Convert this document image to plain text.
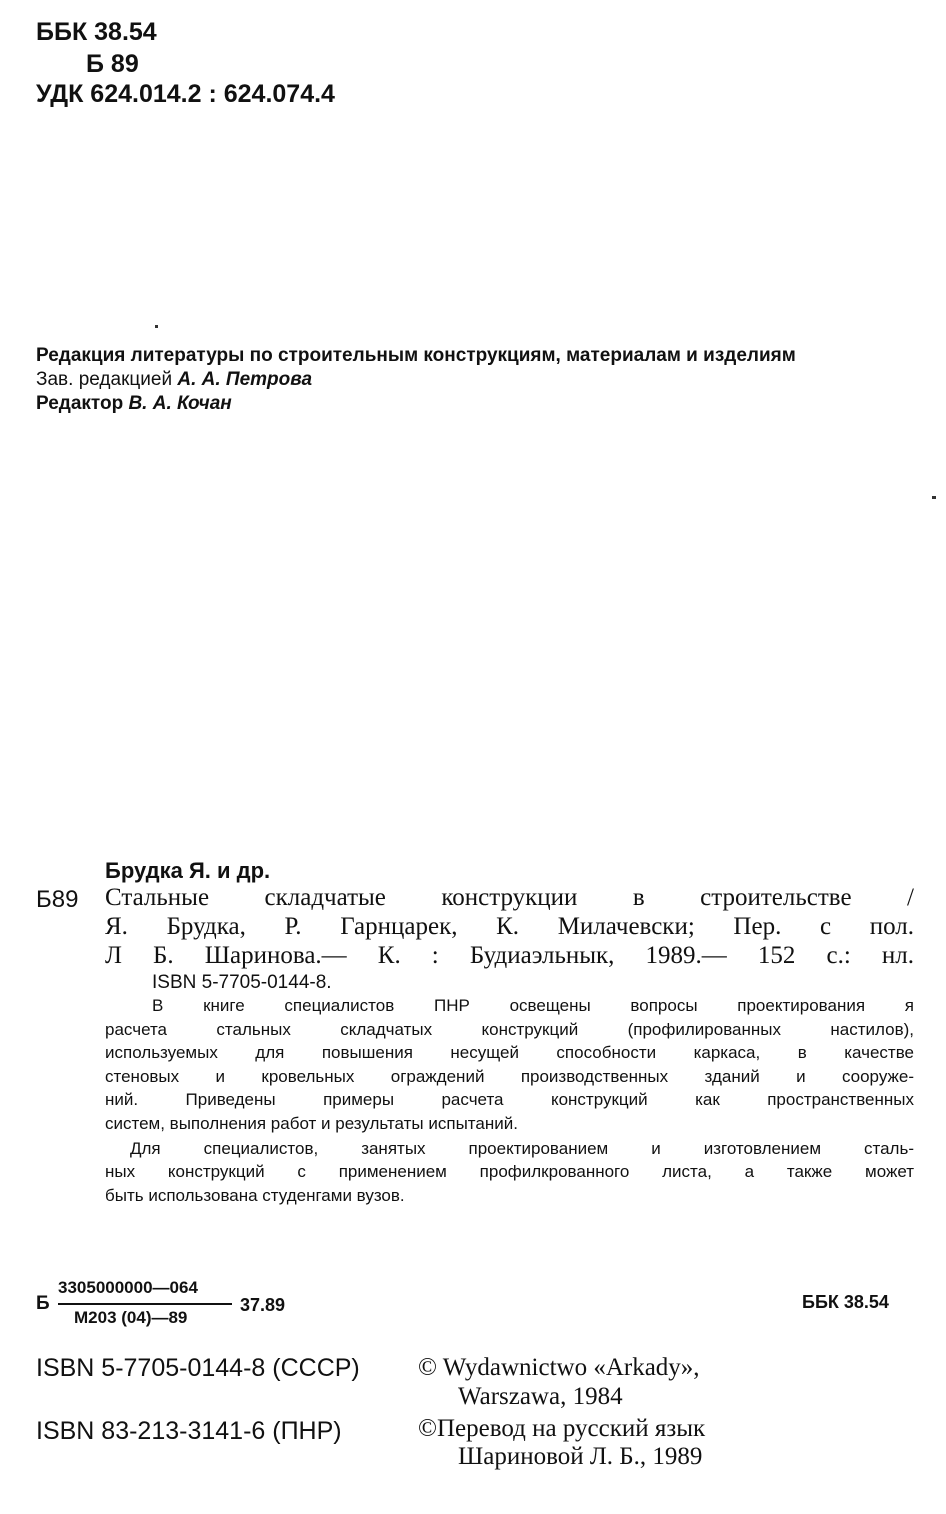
ББК 38.54
Б 89
УДК 624.014.2 : 624.074.4
Редакция литературы по строительным конструкциям, материалам и изделиям
Зав. редакцией А. А. Петрова
Редактор В. А. Кочан
Брудка Я. и др.
Б89 Стальные складчатые конструкции в строительстве /
Я. Брудка, Р. Гарнцарек, К. Милачевски; Пер. с пол.
Л Б. Шаринова.— К. : Будиаэльнык, 1989.— 152 с.: нл.
ISBN 5-7705-0144-8.
В книге специалистов ПНР освещены вопросы проектирования я
расчета стальных складчатых конструкций (профилированных настилов),
используемых для повышения несущей способности каркаса, в качестве
стеновых и кровельных ограждений производственных зданий и сооруже-
ний. Приведены примеры расчета конструкций как пространственных
систем, выполнения работ и результаты испытаний.
Для специалистов, занятых проектированием и изготовлением сталь-
ных конструкций с применением профилкрованного листа, а также может
быть использована студенгами вузов.
Б
3305000000—064
М203 (04)—89
37.89	ББК 38.54
ISBN 5-7705-0144-8 (СССР)
ISBN 83-213-3141-6 (ПНР)
© Wydawnictwo «Arkady»,
Warszawa, 1984
©Перевод на русский язык
Шариновой Л. Б., 1989
